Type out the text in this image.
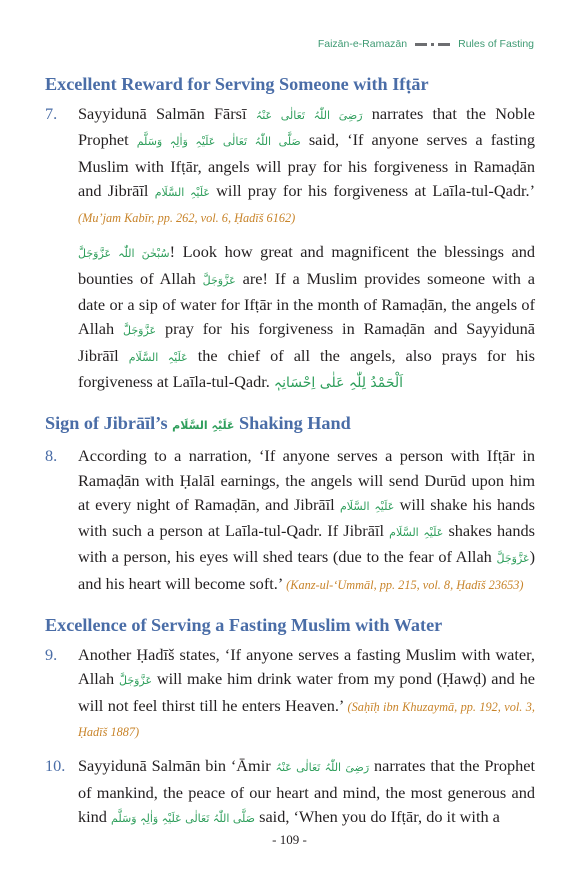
Faizān-e-Ramazān	Rules of Fasting
Excellent Reward for Serving Someone with Ifṭār
7.	Sayyidunā Salmān Fārsī رَضِیَ اللّٰہُ تَعَالٰی عَنْہُ narrates that the Noble Prophet صَلَّی اللّٰہُ تَعَالٰی عَلَیْہِ وَاٰلِہٖ وَسَلَّم said, ‘If anyone serves a fasting Muslim with Ifṭār, angels will pray for his forgiveness in Ramaḍān and Jibrāīl عَلَیْہِ السَّلَام will pray for his forgiveness at Laīla-tul-Qadr.’ (Mu’jam Kabīr, pp. 262, vol. 6, Ḥadīš 6162)
سُبْحٰنَ اللّٰہ عَزَّوَجَلَّ! Look how great and magnificent the blessings and bounties of Allah عَزَّوَجَلَّ are! If a Muslim provides someone with a date or a sip of water for Ifṭār in the month of Ramaḍān, the angels of Allah عَزَّوَجَلَّ pray for his forgiveness in Ramaḍān and Sayyidunā Jibrāīl عَلَیْہِ السَّلَام the chief of all the angels, also prays for his forgiveness at Laīla-tul-Qadr. اَلْحَمْدُ لِلّٰہِ عَلٰی اِحْسَانِہٖ
Sign of Jibrāīl’s عَلَیْہِ السَّلَام Shaking Hand
8.	According to a narration, ‘If anyone serves a person with Ifṭār in Ramaḍān with Ḥalāl earnings, the angels will send Durūd upon him at every night of Ramaḍān, and Jibrāīl عَلَیْہِ السَّلَام will shake his hands with such a person at Laīla-tul-Qadr. If Jibrāīl عَلَیْہِ السَّلَام shakes hands with a person, his eyes will shed tears (due to the fear of Allah عَزَّوَجَلَّ) and his heart will become soft.’ (Kanz-ul-‘Ummāl, pp. 215, vol. 8, Ḥadīš 23653)
Excellence of Serving a Fasting Muslim with Water
9.	Another Ḥadīš states, ‘If anyone serves a fasting Muslim with water, Allah عَزَّوَجَلَّ will make him drink water from my pond (Ḥawḍ) and he will not feel thirst till he enters Heaven.’ (Saḥīḥ ibn Khuzaymā, pp. 192, vol. 3, Ḥadīš 1887)
10. Sayyidunā Salmān bin ‘Āmir رَضِیَ اللّٰہُ تَعَالٰی عَنْہُ narrates that the Prophet of mankind, the peace of our heart and mind, the most generous and kind صَلَّی اللّٰہُ تَعَالٰی عَلَیْہِ وَاٰلِہٖ وَسَلَّم said, ‘When you do Ifṭār, do it with a
- 109 -
